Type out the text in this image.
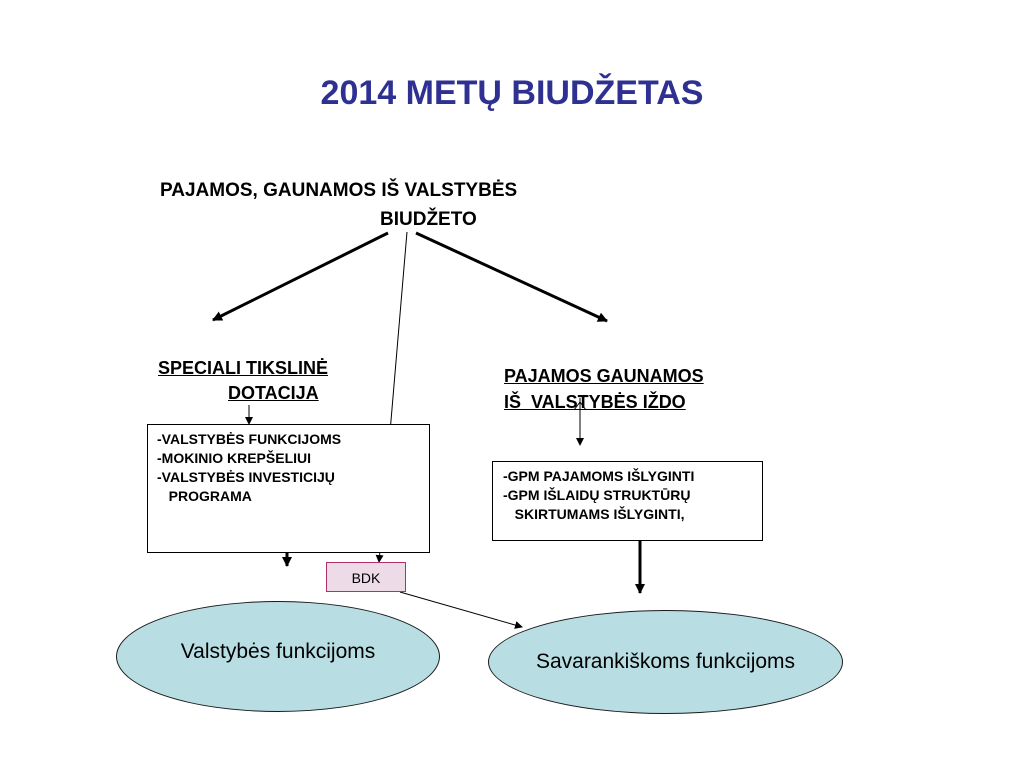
2014 METŲ BIUDŽETAS
PAJAMOS, GAUNAMOS IŠ VALSTYBĖS
BIUDŽETO
SPECIALI TIKSLINĖ
DOTACIJA
PAJAMOS GAUNAMOS
IŠ  VALSTYBĖS IŽDO
-VALSTYBĖS FUNKCIJOMS
-MOKINIO KREPŠELIUI
-VALSTYBĖS INVESTICIJŲ
PROGRAMA
-GPM PAJAMOMS IŠLYGINTI
-GPM IŠLAIDŲ STRUKTŪRŲ
SKIRTUMAMS IŠLYGINTI,
BDK
Valstybės funkcijoms	Savarankiškoms funkcijoms
